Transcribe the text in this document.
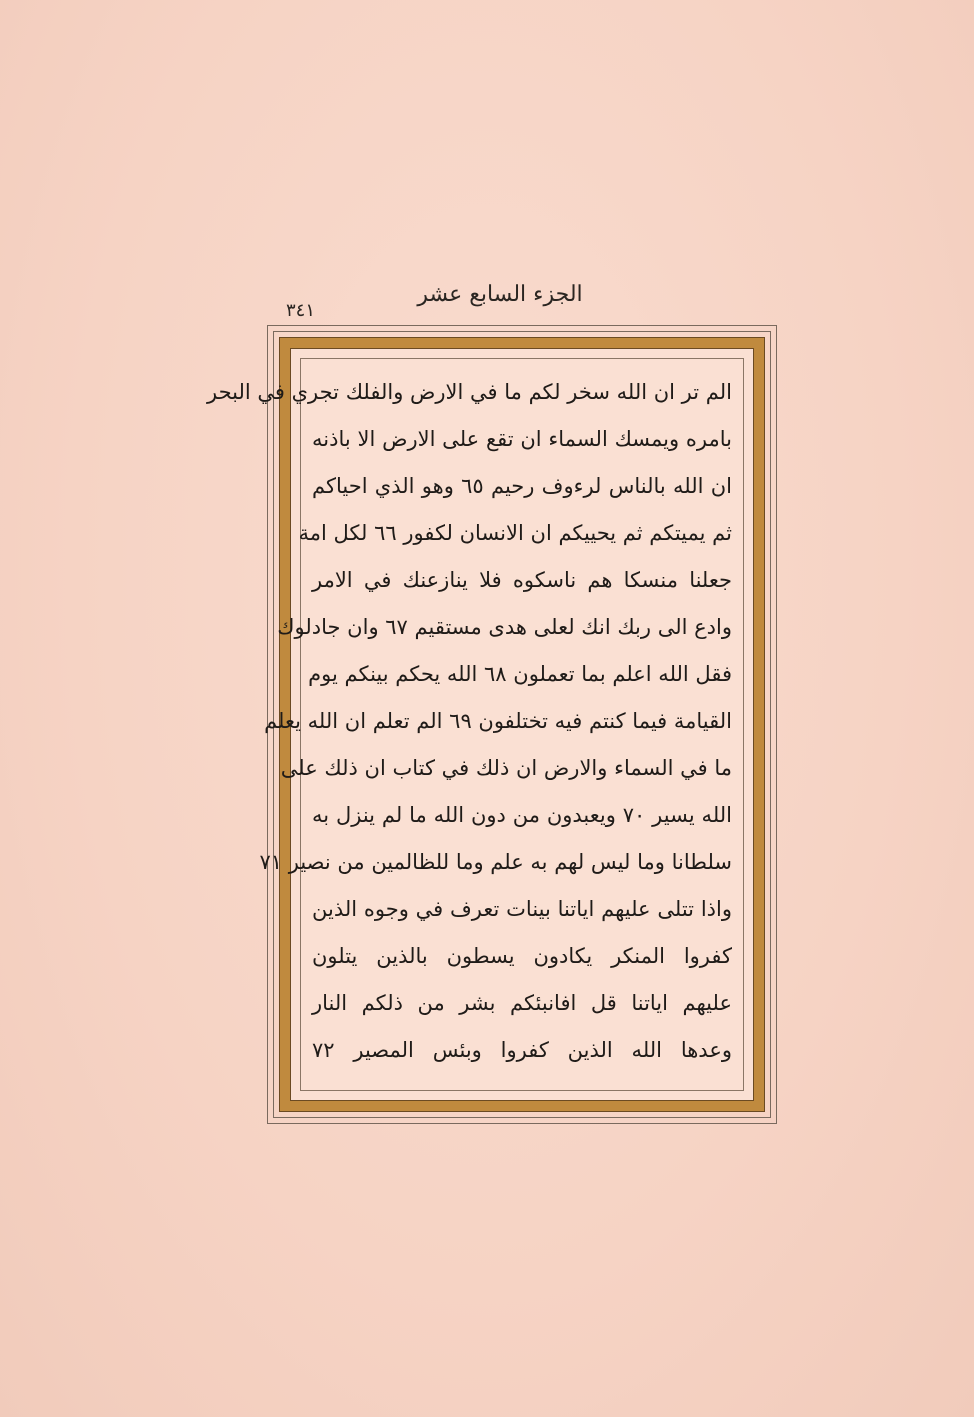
الجزء السابع عشر
٣٤١
الم تر ان الله سخر لكم ما في الارض والفلك تجري في البحر
بامره ويمسك السماء ان تقع على الارض الا باذنه
ان الله بالناس لرءوف رحيم ٦٥ وهو الذي احياكم
ثم يميتكم ثم يحييكم ان الانسان لكفور ٦٦ لكل امة
جعلنا منسكا هم ناسكوه فلا ينازعنك في الامر
وادع الى ربك انك لعلى هدى مستقيم ٦٧ وان جادلوك
فقل الله اعلم بما تعملون ٦٨ الله يحكم بينكم يوم
القيامة فيما كنتم فيه تختلفون ٦٩ الم تعلم ان الله يعلم
ما في السماء والارض ان ذلك في كتاب ان ذلك على
الله يسير ٧٠ ويعبدون من دون الله ما لم ينزل به
سلطانا وما ليس لهم به علم وما للظالمين من نصير ٧١
واذا تتلى عليهم اياتنا بينات تعرف في وجوه الذين
كفروا المنكر يكادون يسطون بالذين يتلون
عليهم اياتنا قل افانبئكم بشر من ذلكم النار
وعدها الله الذين كفروا وبئس المصير ٧٢
